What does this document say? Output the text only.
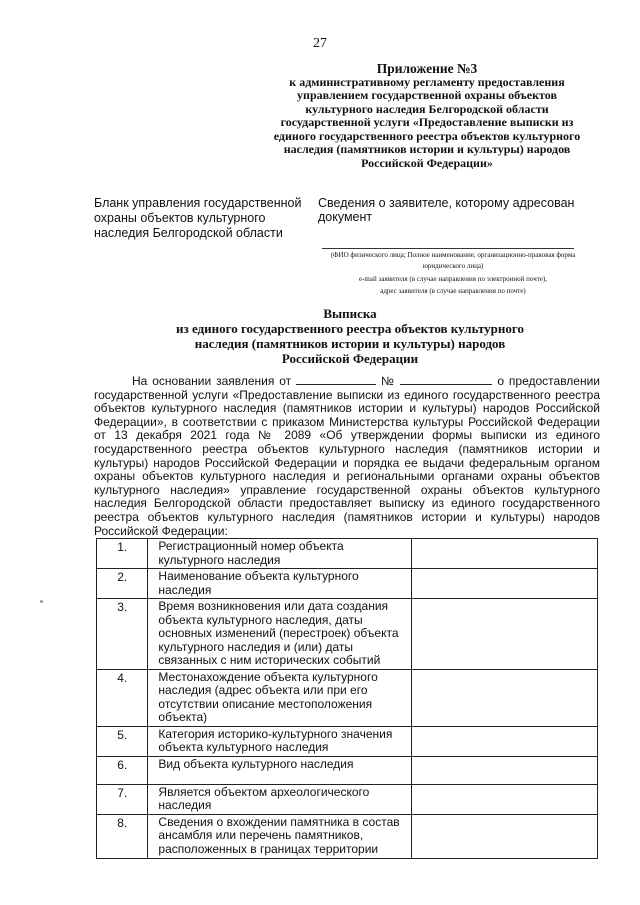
27
Приложение №3
к административному регламенту предоставления
управлением государственной охраны объектов
культурного наследия Белгородской области
государственной услуги «Предоставление выписки из
единого государственного реестра объектов культурного
наследия (памятников истории и культуры) народов
Российской Федерации»
Бланк управления государственной
охраны объектов культурного
наследия Белгородской области
Сведения о заявителе, которому адресован документ
(ФИО физического лица; Полное наименование, организационно-правовая форма
юридического лица)
e-mail заявителя (в случае направления по электронной почте),
адрес заявителя (в случае направления по почте)
Выписка
из единого государственного реестра объектов культурного
наследия (памятников истории и культуры) народов
Российской Федерации
На основании заявления от	№	о предоставлении государственной услуги «Предоставление выписки из единого государственного реестра объектов культурного наследия (памятников истории и культуры) народов Российской Федерации», в соответствии с приказом Министерства культуры Российской Федерации от 13 декабря 2021 года № 2089 «Об утверждении формы выписки из единого государственного реестра объектов культурного наследия (памятников истории и культуры) народов Российской Федерации и порядка ее выдачи федеральным органом охраны объектов культурного наследия и региональными органами охраны объектов культурного наследия» управление государственной охраны объектов культурного наследия Белгородской области предоставляет выписку из единого государственного реестра объектов культурного наследия (памятников истории и культуры) народов Российской Федерации:
1.	Регистрационный номер объекта культурного наследия	
2.	Наименование объекта культурного наследия	
3.	Время возникновения или дата создания объекта культурного наследия, даты основных изменений (перестроек) объекта культурного наследия и (или) даты связанных с ним исторических событий	
4.	Местонахождение объекта культурного наследия (адрес объекта или при его отсутствии описание местоположения объекта)	
5.	Категория историко-культурного значения объекта культурного наследия	
6.	Вид объекта культурного наследия	
7.	Является объектом археологического наследия	
8.	Сведения о вхождении памятника в состав ансамбля или перечень памятников, расположенных в границах территории	
